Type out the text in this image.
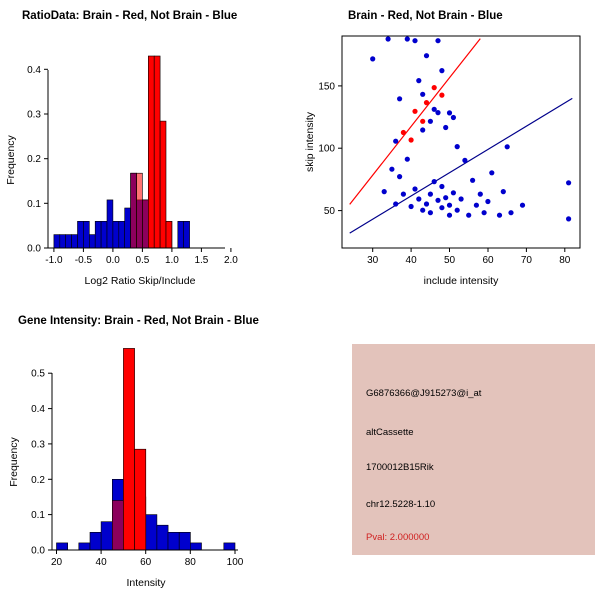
RatioData: Brain - Red, Not Brain - Blue
-1.0 -0.5 0.0 0.5 1.0 1.5 2.0
0.0
0.1
0.2
0.3
0.4
Log2 Ratio Skip/Include
Frequency
Brain - Red, Not Brain - Blue
30	40	50	60	70	80
50
100
150
include intensity
skip intensity
Gene Intensity: Brain - Red, Not Brain - Blue
20	40	60	80	100
0.0
0.1
0.2
0.3
0.4
0.5
Intensity
Frequency
G6876366@J915273@i_at
altCassette
1700012B15Rik
chr12.5228-1.10
Pval: 2.000000
